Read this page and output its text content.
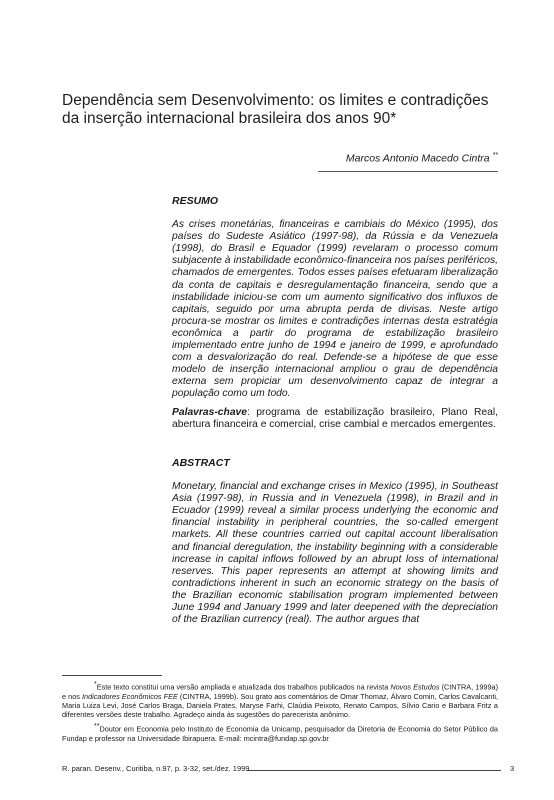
Dependência sem Desenvolvimento: os limites e contradições
da inserção internacional brasileira dos anos 90*
Marcos Antonio Macedo Cintra **
RESUMO
As crises monetárias, financeiras e cambiais do México (1995), dos países do Sudeste Asiático (1997-98), da Rússia e da Venezuela (1998), do Brasil e Equador (1999) revelaram o processo comum subjacente à instabilidade econômico-financeira nos países periféricos, chamados de emergentes. Todos esses países efetuaram liberalização da conta de capitais e desregulamentação financeira, sendo que a instabilidade iniciou-se com um aumento significativo dos influxos de capitais, seguido por uma abrupta perda de divisas. Neste artigo procura-se mostrar os limites e contradições internas desta estratégia econômica a partir do programa de estabilização brasileiro implementado entre junho de 1994 e janeiro de 1999, e aprofundado com a desvalorização do real. Defende-se a hipótese de que esse modelo de inserção internacional ampliou o grau de dependência externa sem propiciar um desenvolvimento capaz de integrar a população como um todo.
Palavras-chave: programa de estabilização brasileiro, Plano Real, abertura financeira e comercial, crise cambial e mercados emergentes.
ABSTRACT
Monetary, financial and exchange crises in Mexico (1995), in Southeast Asia (1997-98), in Russia and in Venezuela (1998), in Brazil and in Ecuador (1999) reveal a similar process underlying the economic and financial instability in peripheral countries, the so-called emergent markets. All these countries carried out capital account liberalisation and financial deregulation, the instability beginning with a considerable increase in capital inflows followed by an abrupt loss of international reserves. This paper represents an attempt at showing limits and contradictions inherent in such an economic strategy on the basis of the Brazilian economic stabilisation program implemented between June 1994 and January 1999 and later deepened with the depreciation of the Brazilian currency (real). The author argues that
*Este texto constitui uma versão ampliada e atualizada dos trabalhos publicados na revista Novos Estudos (CINTRA, 1999a) e nos Indicadores Econômicos FEE (CINTRA, 1999b). Sou grato aos comentários de Omar Thomaz, Álvaro Comin, Carlos Cavalcanti, Maria Luiza Levi, José Carlos Braga, Daniela Prates, Maryse Farhi, Claúdia Peixoto, Renato Campos, Sílvio Cario e Barbara Fritz a diferentes versões deste trabalho. Agradeço ainda às sugestões do parecerista anônimo.
**Doutor em Economia pelo Instituto de Economia da Unicamp, pesquisador da Diretoria de Economia do Setor Público da Fundap e professor na Universidade Ibirapuera. E-mail: mcintra@fundap.sp.gov.br
R. paran. Desenv., Curitiba, n.97, p. 3-32, set./dez. 1999	3
